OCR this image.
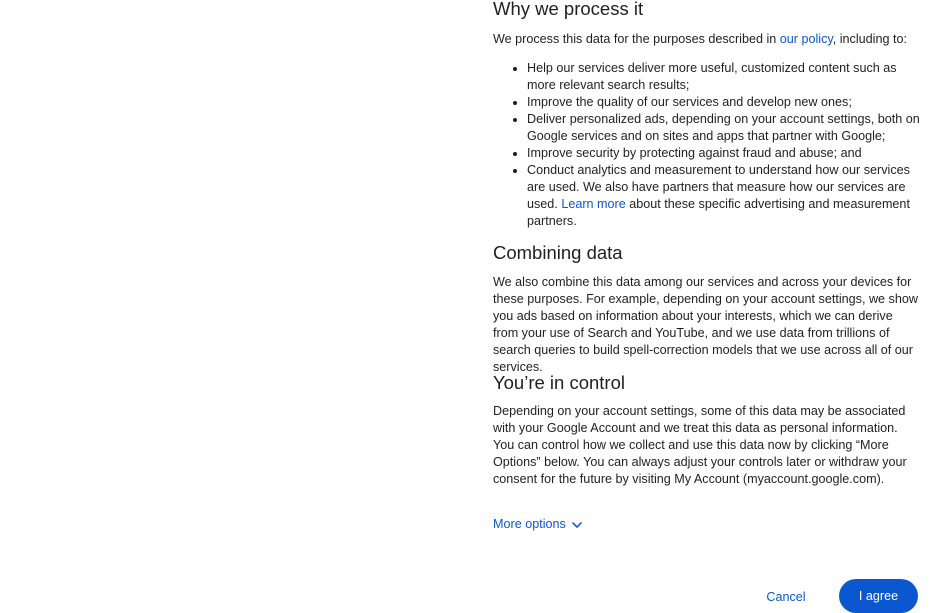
Why we process it

We process this data for the purposes described in our policy, including to:

• Help our services deliver more useful, customized content such as more relevant search results;
• Improve the quality of our services and develop new ones;
• Deliver personalized ads, depending on your account settings, both on Google services and on sites and apps that partner with Google;
• Improve security by protecting against fraud and abuse; and
• Conduct analytics and measurement to understand how our services are used. We also have partners that measure how our services are used. Learn more about these specific advertising and measurement partners.
Combining data

We also combine this data among our services and across your devices for these purposes. For example, depending on your account settings, we show you ads based on information about your interests, which we can derive from your use of Search and YouTube, and we use data from trillions of search queries to build spell-correction models that we use across all of our services.

You’re in control

Depending on your account settings, some of this data may be associated with your Google Account and we treat this data as personal information. You can control how we collect and use this data now by clicking “More Options” below. You can always adjust your controls later or withdraw your consent for the future by visiting My Account (myaccount.google.com).

More options
Cancel	I agree
